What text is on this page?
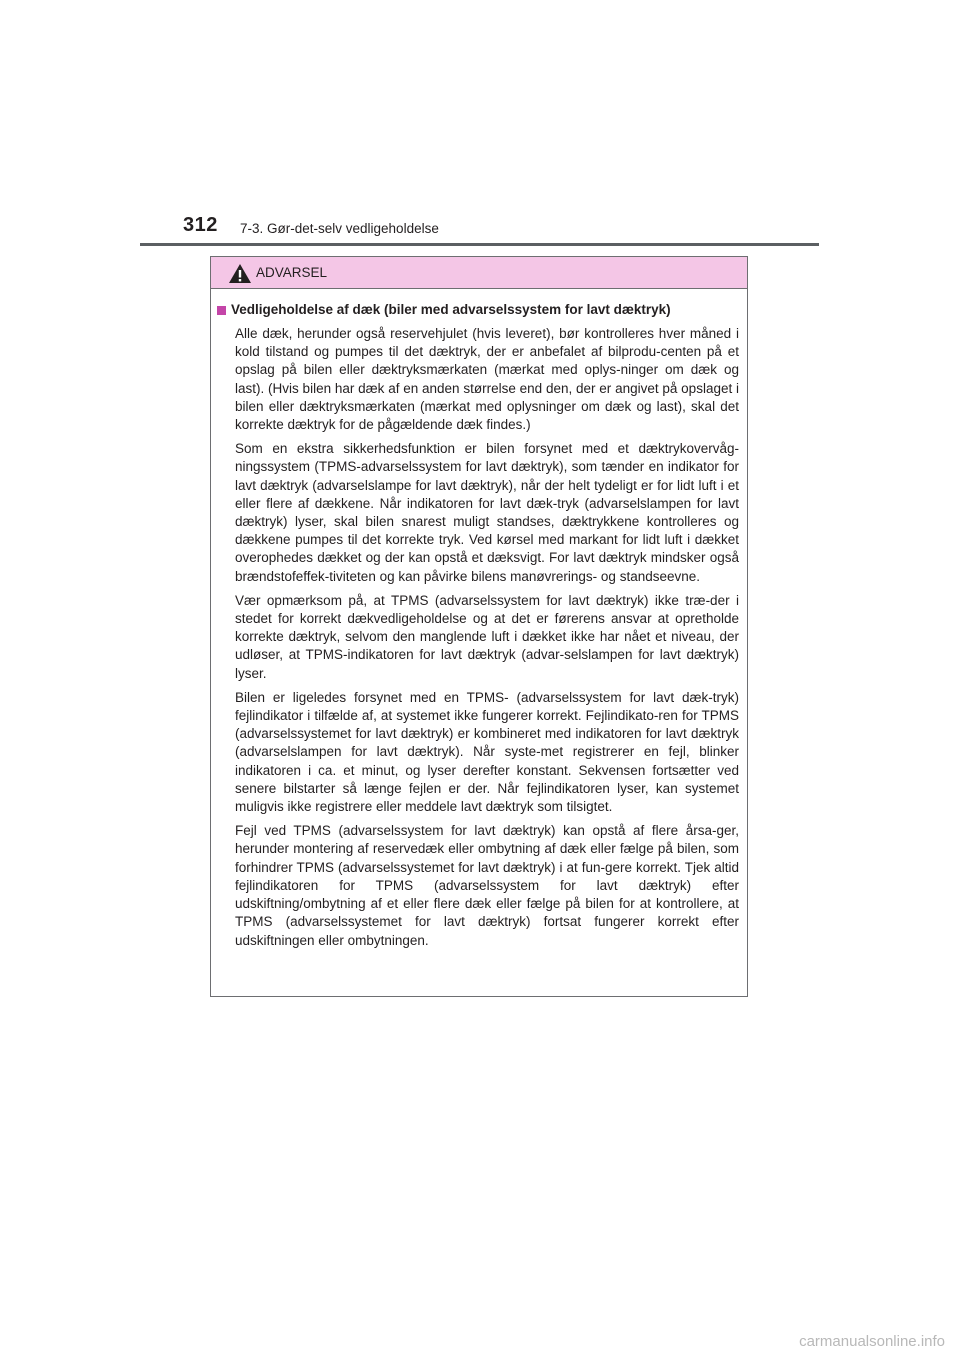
312 7-3. Gør-det-selv vedligeholdelse
ADVARSEL
Vedligeholdelse af dæk (biler med advarselssystem for lavt dæktryk)

Alle dæk, herunder også reservehjulet (hvis leveret), bør kontrolleres hver måned i kold tilstand og pumpes til det dæktryk, der er anbefalet af bilprodu-centen på et opslag på bilen eller dæktryksmærkaten (mærkat med oplys-ninger om dæk og last). (Hvis bilen har dæk af en anden størrelse end den, der er angivet på opslaget i bilen eller dæktryksmærkaten (mærkat med oplysninger om dæk og last), skal det korrekte dæktryk for de pågældende dæk findes.)

Som en ekstra sikkerhedsfunktion er bilen forsynet med et dæktrykovervåg-ningssystem (TPMS-advarselssystem for lavt dæktryk), som tænder en indikator for lavt dæktryk (advarselslampe for lavt dæktryk), når der helt tydeligt er for lidt luft i et eller flere af dækkene. Når indikatoren for lavt dæk-tryk (advarselslampen for lavt dæktryk) lyser, skal bilen snarest muligt standses, dæktrykkene kontrolleres og dækkene pumpes til det korrekte tryk. Ved kørsel med markant for lidt luft i dækket overophedes dækket og der kan opstå et dæksvigt. For lavt dæktryk mindsker også brændstofeffek-tiviteten og kan påvirke bilens manøvrerings- og standseevne.

Vær opmærksom på, at TPMS (advarselssystem for lavt dæktryk) ikke træ-der i stedet for korrekt dækvedligeholdelse og at det er førerens ansvar at opretholde korrekte dæktryk, selvom den manglende luft i dækket ikke har nået et niveau, der udløser, at TPMS-indikatoren for lavt dæktryk (advar-selslampen for lavt dæktryk) lyser.

Bilen er ligeledes forsynet med en TPMS- (advarselssystem for lavt dæk-tryk) fejlindikator i tilfælde af, at systemet ikke fungerer korrekt. Fejlindikato-ren for TPMS (advarselssystemet for lavt dæktryk) er kombineret med indikatoren for lavt dæktryk (advarselslampen for lavt dæktryk). Når syste-met registrerer en fejl, blinker indikatoren i ca. et minut, og lyser derefter konstant. Sekvensen fortsætter ved senere bilstarter så længe fejlen er der. Når fejlindikatoren lyser, kan systemet muligvis ikke registrere eller meddele lavt dæktryk som tilsigtet.

Fejl ved TPMS (advarselssystem for lavt dæktryk) kan opstå af flere årsa-ger, herunder montering af reservedæk eller ombytning af dæk eller fælge på bilen, som forhindrer TPMS (advarselssystemet for lavt dæktryk) i at fun-gere korrekt. Tjek altid fejlindikatoren for TPMS (advarselssystem for lavt dæktryk) efter udskiftning/ombytning af et eller flere dæk eller fælge på bilen for at kontrollere, at TPMS (advarselssystemet for lavt dæktryk) fortsat fungerer korrekt efter udskiftningen eller ombytningen.

carmanualsonline.info
